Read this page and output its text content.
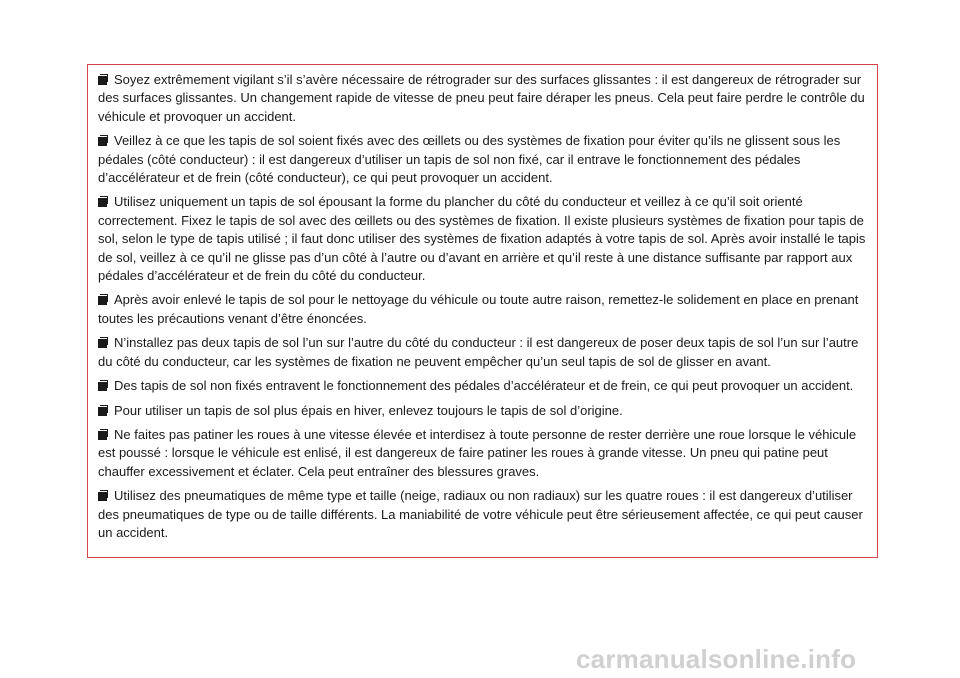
Soyez extrêmement vigilant s’il s’avère nécessaire de rétrograder sur des surfaces glissantes : il est dangereux de rétrograder sur des surfaces glissantes. Un changement rapide de vitesse de pneu peut faire déraper les pneus. Cela peut faire perdre le contrôle du véhicule et provoquer un accident.

Veillez à ce que les tapis de sol soient fixés avec des œillets ou des systèmes de fixation pour éviter qu’ils ne glissent sous les pédales (côté conducteur) : il est dangereux d’utiliser un tapis de sol non fixé, car il entrave le fonctionnement des pédales d’accélérateur et de frein (côté conducteur), ce qui peut provoquer un accident.

Utilisez uniquement un tapis de sol épousant la forme du plancher du côté du conducteur et veillez à ce qu’il soit orienté correctement. Fixez le tapis de sol avec des œillets ou des systèmes de fixation. Il existe plusieurs systèmes de fixation pour tapis de sol, selon le type de tapis utilisé ; il faut donc utiliser des systèmes de fixation adaptés à votre tapis de sol. Après avoir installé le tapis de sol, veillez à ce qu’il ne glisse pas d’un côté à l’autre ou d’avant en arrière et qu’il reste à une distance suffisante par rapport aux pédales d’accélérateur et de frein du côté du conducteur.

Après avoir enlevé le tapis de sol pour le nettoyage du véhicule ou toute autre raison, remettez-le solidement en place en prenant toutes les précautions venant d’être énoncées.

N’installez pas deux tapis de sol l’un sur l’autre du côté du conducteur : il est dangereux de poser deux tapis de sol l’un sur l’autre du côté du conducteur, car les systèmes de fixation ne peuvent empêcher qu’un seul tapis de sol de glisser en avant.

Des tapis de sol non fixés entravent le fonctionnement des pédales d’accélérateur et de frein, ce qui peut provoquer un accident.

Pour utiliser un tapis de sol plus épais en hiver, enlevez toujours le tapis de sol d’origine.

Ne faites pas patiner les roues à une vitesse élevée et interdisez à toute personne de rester derrière une roue lorsque le véhicule est poussé : lorsque le véhicule est enlisé, il est dangereux de faire patiner les roues à grande vitesse. Un pneu qui patine peut chauffer excessivement et éclater. Cela peut entraîner des blessures graves.

Utilisez des pneumatiques de même type et taille (neige, radiaux ou non radiaux) sur les quatre roues : il est dangereux d’utiliser des pneumatiques de type ou de taille différents. La maniabilité de votre véhicule peut être sérieusement affectée, ce qui peut causer un accident.

carmanualsonline.info
